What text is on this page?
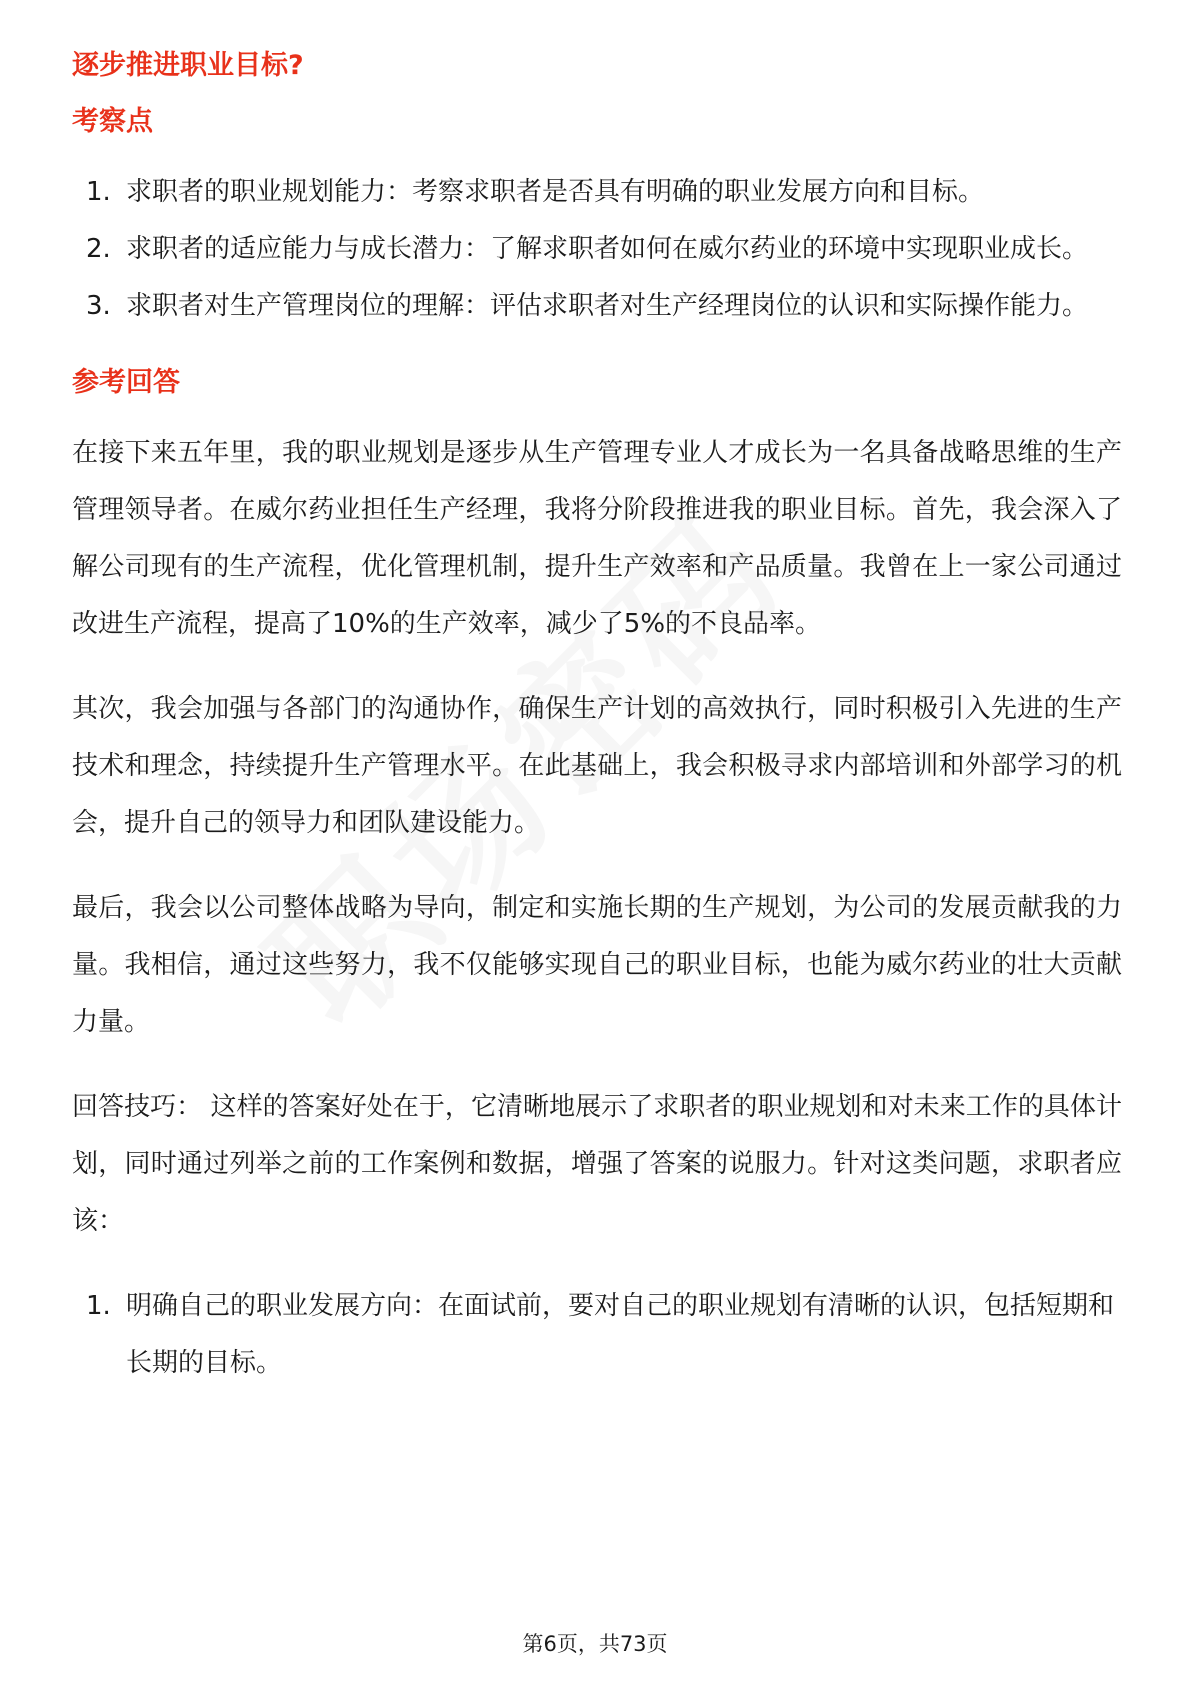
逐步推进职业目标?
考察点
1. 求职者的职业规划能力：考察求职者是否具有明确的职业发展方向和目标。
2. 求职者的适应能力与成长潜力：了解求职者如何在威尔药业的环境中实现职业成长。
3. 求职者对生产管理岗位的理解：评估求职者对生产经理岗位的认识和实际操作能力。
参考回答

在接下来五年里，我的职业规划是逐步从生产管理专业人才成长为一名具备战略思维的生产管理领导者。在威尔药业担任生产经理，我将分阶段推进我的职业目标。首先，我会深入了解公司现有的生产流程，优化管理机制，提升生产效率和产品质量。我曾在上一家公司通过改进生产流程，提高了10%的生产效率，减少了5%的不良品率。

其次，我会加强与各部门的沟通协作，确保生产计划的高效执行，同时积极引入先进的生产技术和理念，持续提升生产管理水平。在此基础上，我会积极寻求内部培训和外部学习的机会，提升自己的领导力和团队建设能力。

最后，我会以公司整体战略为导向，制定和实施长期的生产规划，为公司的发展贡献我的力量。我相信，通过这些努力，我不仅能够实现自己的职业目标，也能为威尔药业的壮大贡献力量。

回答技巧： 这样的答案好处在于，它清晰地展示了求职者的职业规划和对未来工作的具体计划，同时通过列举之前的工作案例和数据，增强了答案的说服力。针对这类问题，求职者应该：

1. 明确自己的职业发展方向：在面试前，要对自己的职业规划有清晰的认识，包括短期和长期的目标。
第6页，共73页
